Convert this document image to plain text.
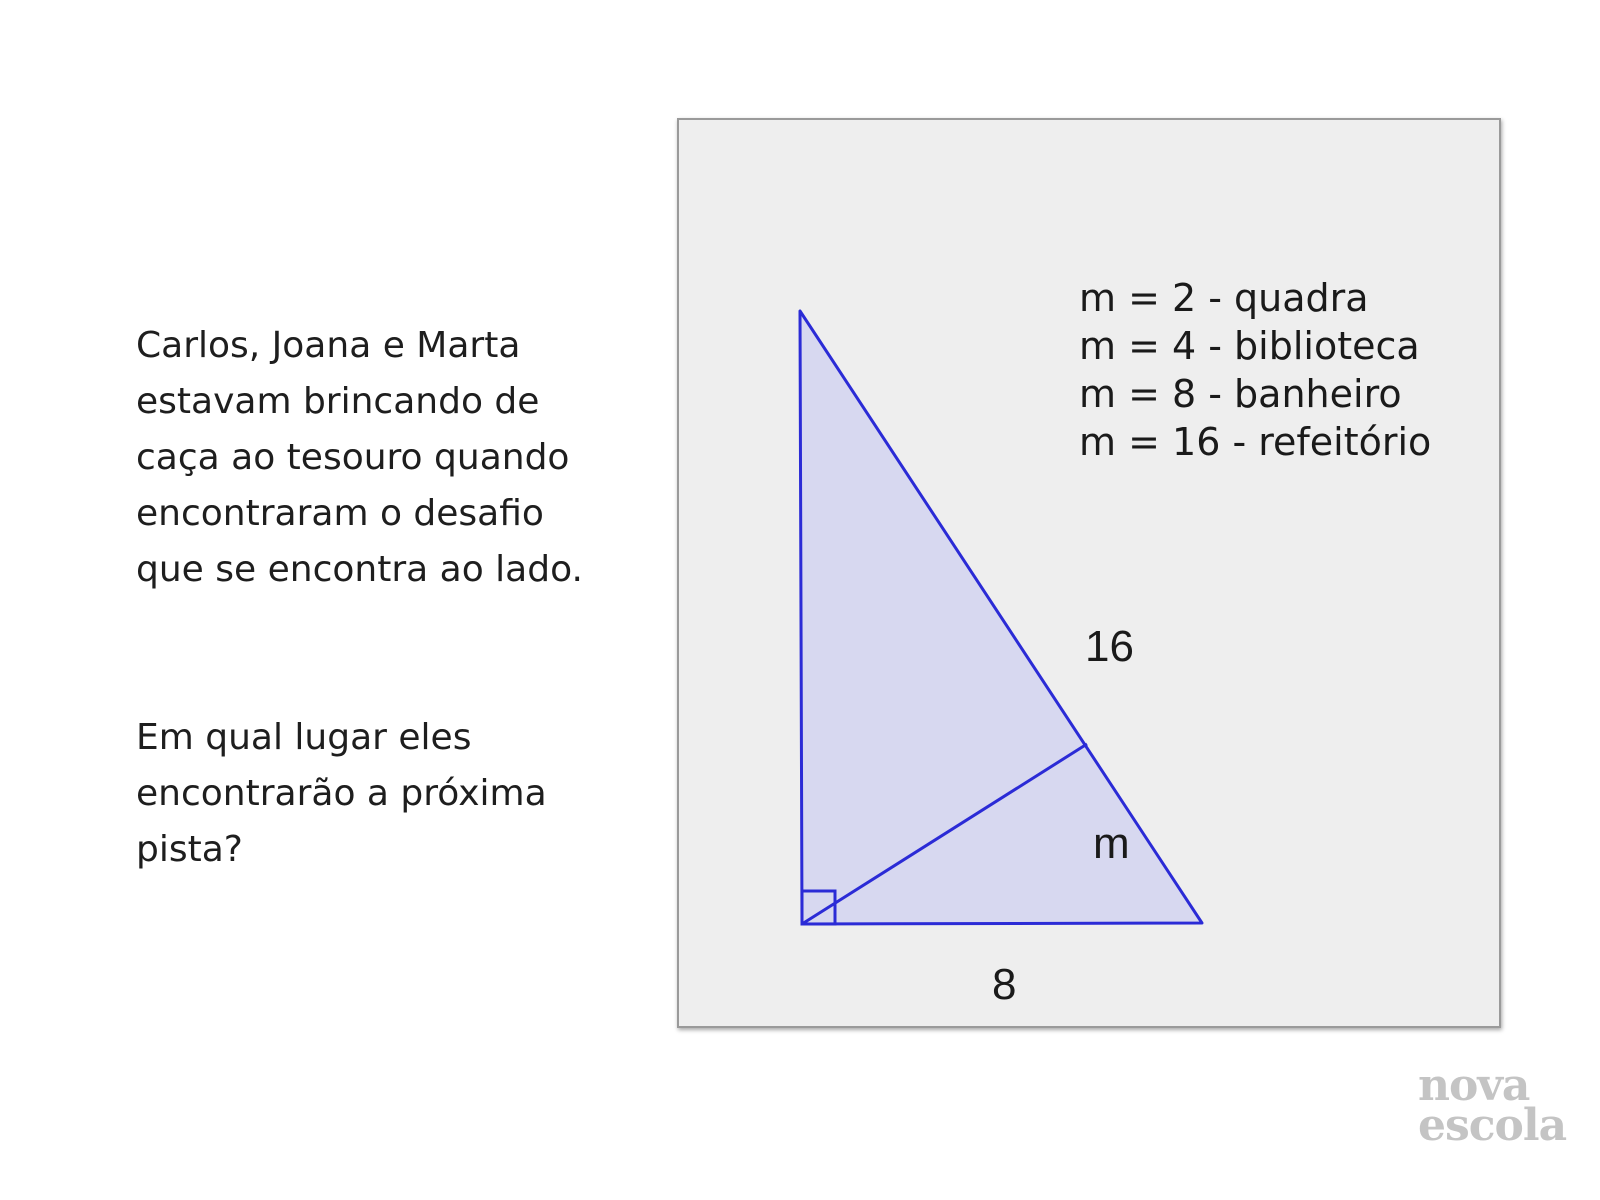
Carlos, Joana e Marta
estavam brincando de
caça ao tesouro quando
encontraram o desafio
que se encontra ao lado.

Em qual lugar eles
encontrarão a próxima
pista?

16
m
8
m = 2 - quadra
m = 4 - biblioteca
m = 8 - banheiro
m = 16 - refeitório
nova
escola
